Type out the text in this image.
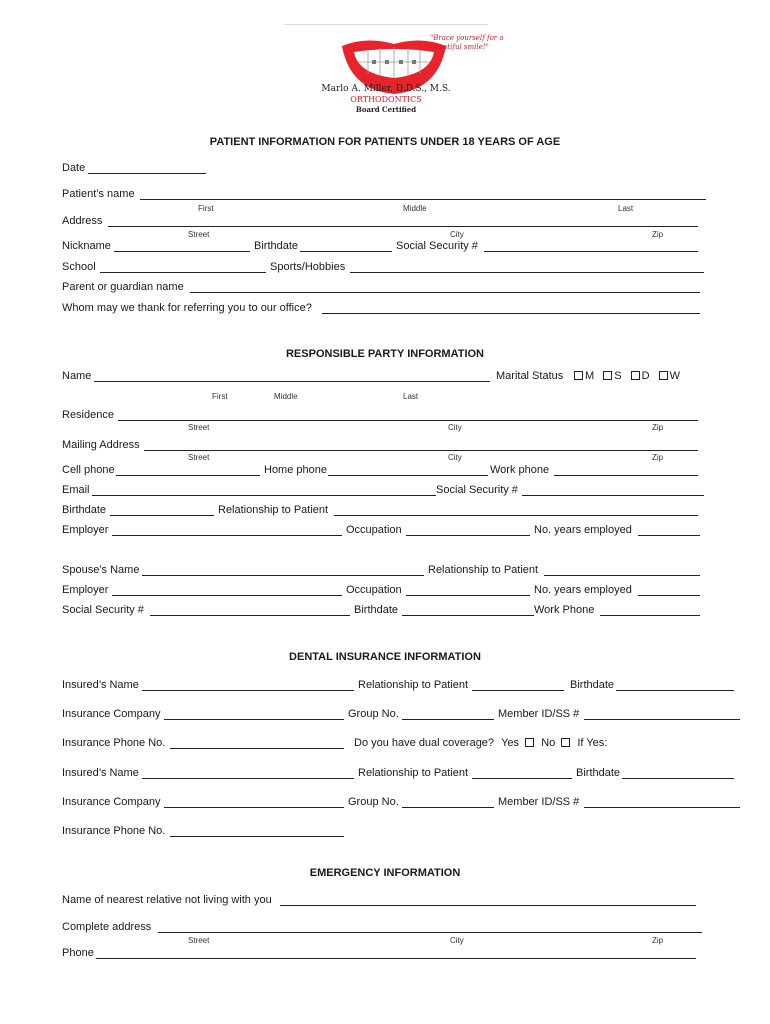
"Brace yourself for a
beautiful smile!"
Marlo A. Miller, D.D.S., M.S.
ORTHODONTICS
Board Certified
PATIENT INFORMATION FOR PATIENTS UNDER 18 YEARS OF AGE
Date
Patient’s name
First	Middle	Last
Address
Street	City	Zip
Nickname	Birthdate	Social Security #
School	Sports/Hobbies
Parent or guardian name
Whom may we thank for referring you to our office?
RESPONSIBLE PARTY INFORMATION
Name	Marital Status	M S D W
First	Middle	Last
Residence
Street	City	Zip
Mailing Address
Street	City	Zip
Cell phone	Home phone	Work phone
Email	Social Security #
Birthdate	Relationship to Patient
Employer	Occupation	No. years employed
Spouse’s Name	Relationship to Patient
Employer	Occupation	No. years employed
Social Security #	Birthdate	Work Phone
DENTAL INSURANCE INFORMATION
Insured’s Name	Relationship to Patient	Birthdate
Insurance Company	Group No.	Member ID/SS #
Insurance Phone No.	Do you have dual coverage? Yes No If Yes:
Insured’s Name	Relationship to Patient	Birthdate
Insurance Company	Group No.	Member ID/SS #
Insurance Phone No.
EMERGENCY INFORMATION
Name of nearest relative not living with you
Complete address
Street	City	Zip
Phone
